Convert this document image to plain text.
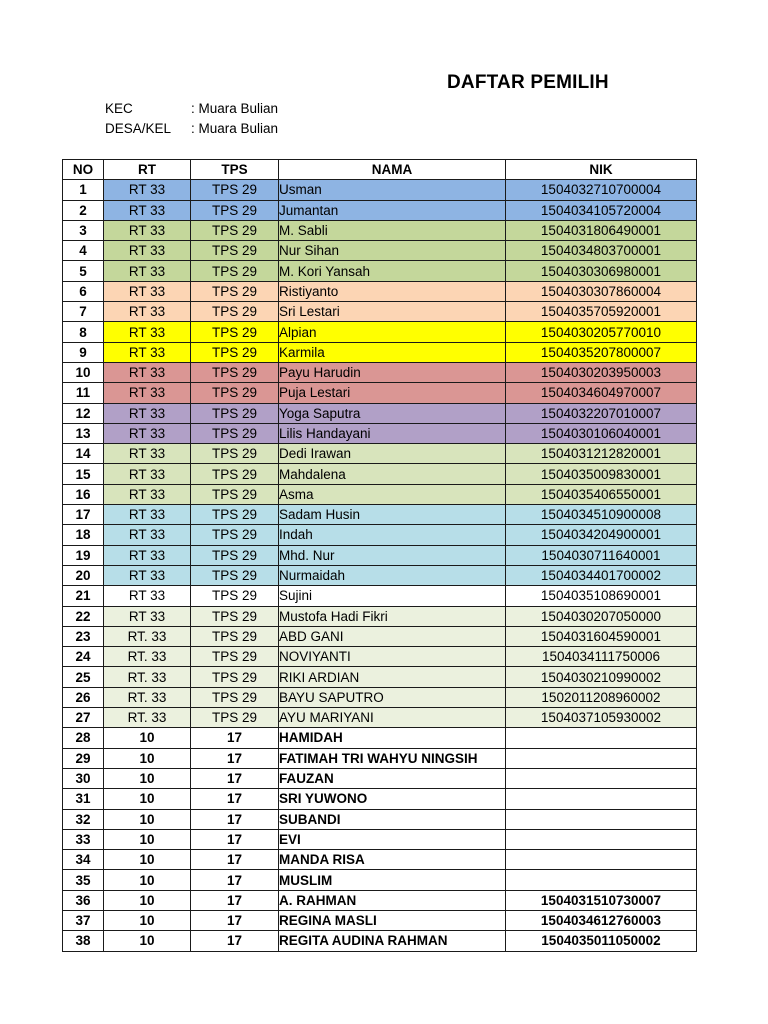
DAFTAR PEMILIH
KEC	: Muara Bulian
DESA/KEL : Muara Bulian
NO	RT	TPS	NAMA	NIK
1	RT 33	TPS 29	Usman	1504032710700004
2	RT 33	TPS 29	Jumantan	1504034105720004
3	RT 33	TPS 29	M. Sabli	1504031806490001
4	RT 33	TPS 29	Nur Sihan	1504034803700001
5	RT 33	TPS 29	M. Kori Yansah	1504030306980001
6	RT 33	TPS 29	Ristiyanto	1504030307860004
7	RT 33	TPS 29	Sri Lestari	1504035705920001
8	RT 33	TPS 29	Alpian	1504030205770010
9	RT 33	TPS 29	Karmila	1504035207800007
10	RT 33	TPS 29	Payu Harudin	1504030203950003
11	RT 33	TPS 29	Puja Lestari	1504034604970007
12	RT 33	TPS 29	Yoga Saputra	1504032207010007
13	RT 33	TPS 29	Lilis Handayani	1504030106040001
14	RT 33	TPS 29	Dedi Irawan	1504031212820001
15	RT 33	TPS 29	Mahdalena	1504035009830001
16	RT 33	TPS 29	Asma	1504035406550001
17	RT 33	TPS 29	Sadam Husin	1504034510900008
18	RT 33	TPS 29	Indah	1504034204900001
19	RT 33	TPS 29	Mhd. Nur	1504030711640001
20	RT 33	TPS 29	Nurmaidah	1504034401700002
21	RT 33	TPS 29	Sujini	1504035108690001
22	RT 33	TPS 29	Mustofa Hadi Fikri	1504030207050000
23	RT. 33	TPS 29	ABD GANI	1504031604590001
24	RT. 33	TPS 29	NOVIYANTI	1504034111750006
25	RT. 33	TPS 29	RIKI ARDIAN	1504030210990002
26	RT. 33	TPS 29	BAYU SAPUTRO	1502011208960002
27	RT. 33	TPS 29	AYU MARIYANI	1504037105930002
28	10	17	HAMIDAH	
29	10	17	FATIMAH TRI WAHYU NINGSIH	
30	10	17	FAUZAN	
31	10	17	SRI YUWONO	
32	10	17	SUBANDI	
33	10	17	EVI	
34	10	17	MANDA RISA	
35	10	17	MUSLIM	
36	10	17	A. RAHMAN	1504031510730007
37	10	17	REGINA MASLI	1504034612760003
38	10	17	REGITA AUDINA RAHMAN	1504035011050002
